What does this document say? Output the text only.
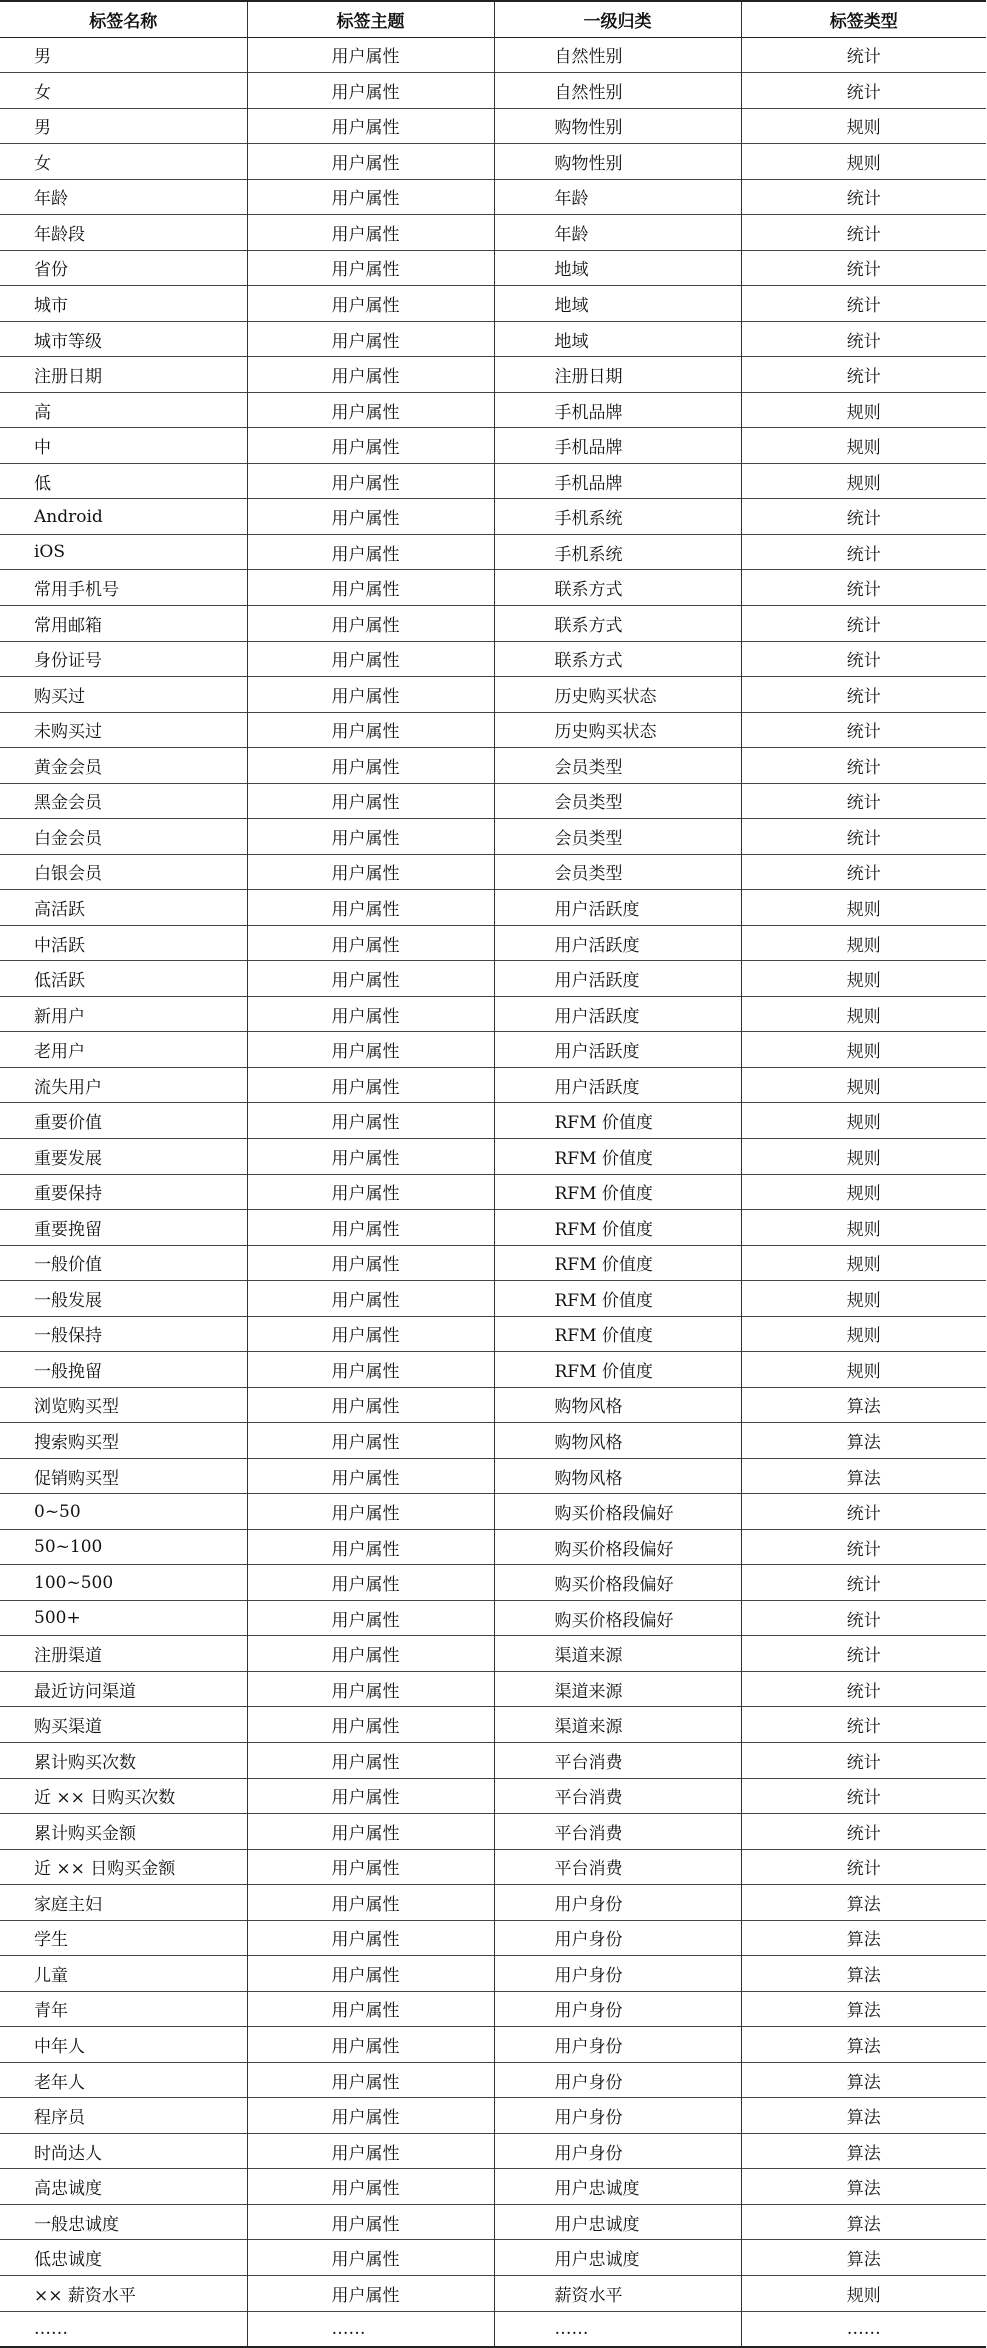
标签名称	标签主题	一级归类	标签类型
男	用户属性	自然性别	统计
女	用户属性	自然性别	统计
男	用户属性	购物性别	规则
女	用户属性	购物性别	规则
年龄	用户属性	年龄	统计
年龄段	用户属性	年龄	统计
省份	用户属性	地域	统计
城市	用户属性	地域	统计
城市等级	用户属性	地域	统计
注册日期	用户属性	注册日期	统计
高	用户属性	手机品牌	规则
中	用户属性	手机品牌	规则
低	用户属性	手机品牌	规则
Android	用户属性	手机系统	统计
iOS	用户属性	手机系统	统计
常用手机号	用户属性	联系方式	统计
常用邮箱	用户属性	联系方式	统计
身份证号	用户属性	联系方式	统计
购买过	用户属性	历史购买状态	统计
未购买过	用户属性	历史购买状态	统计
黄金会员	用户属性	会员类型	统计
黑金会员	用户属性	会员类型	统计
白金会员	用户属性	会员类型	统计
白银会员	用户属性	会员类型	统计
高活跃	用户属性	用户活跃度	规则
中活跃	用户属性	用户活跃度	规则
低活跃	用户属性	用户活跃度	规则
新用户	用户属性	用户活跃度	规则
老用户	用户属性	用户活跃度	规则
流失用户	用户属性	用户活跃度	规则
重要价值	用户属性	RFM 价值度	规则
重要发展	用户属性	RFM 价值度	规则
重要保持	用户属性	RFM 价值度	规则
重要挽留	用户属性	RFM 价值度	规则
一般价值	用户属性	RFM 价值度	规则
一般发展	用户属性	RFM 价值度	规则
一般保持	用户属性	RFM 价值度	规则
一般挽留	用户属性	RFM 价值度	规则
浏览购买型	用户属性	购物风格	算法
搜索购买型	用户属性	购物风格	算法
促销购买型	用户属性	购物风格	算法
0~50	用户属性	购买价格段偏好	统计
50~100	用户属性	购买价格段偏好	统计
100~500	用户属性	购买价格段偏好	统计
500+	用户属性	购买价格段偏好	统计
注册渠道	用户属性	渠道来源	统计
最近访问渠道	用户属性	渠道来源	统计
购买渠道	用户属性	渠道来源	统计
累计购买次数	用户属性	平台消费	统计
近 ×× 日购买次数	用户属性	平台消费	统计
累计购买金额	用户属性	平台消费	统计
近 ×× 日购买金额	用户属性	平台消费	统计
家庭主妇	用户属性	用户身份	算法
学生	用户属性	用户身份	算法
儿童	用户属性	用户身份	算法
青年	用户属性	用户身份	算法
中年人	用户属性	用户身份	算法
老年人	用户属性	用户身份	算法
程序员	用户属性	用户身份	算法
时尚达人	用户属性	用户身份	算法
高忠诚度	用户属性	用户忠诚度	算法
一般忠诚度	用户属性	用户忠诚度	算法
低忠诚度	用户属性	用户忠诚度	算法
×× 薪资水平	用户属性	薪资水平	规则
……	……	……	……
